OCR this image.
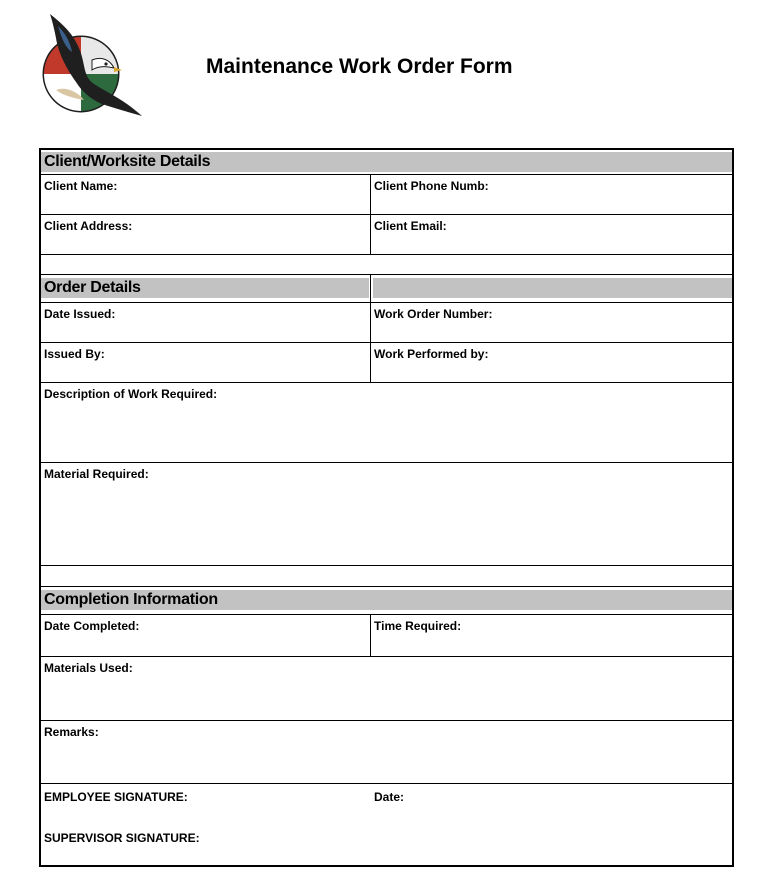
Maintenance Work Order Form
Client/Worksite Details
Client Name:	Client Phone Numb:
Client Address:	Client Email:
Order Details
Date Issued:	Work Order Number:
Issued By:	Work Performed by:
Description of Work Required:
Material Required:
Completion Information
Date Completed:	Time Required:
Materials Used:
Remarks:
EMPLOYEE SIGNATURE:	Date:
SUPERVISOR SIGNATURE:
